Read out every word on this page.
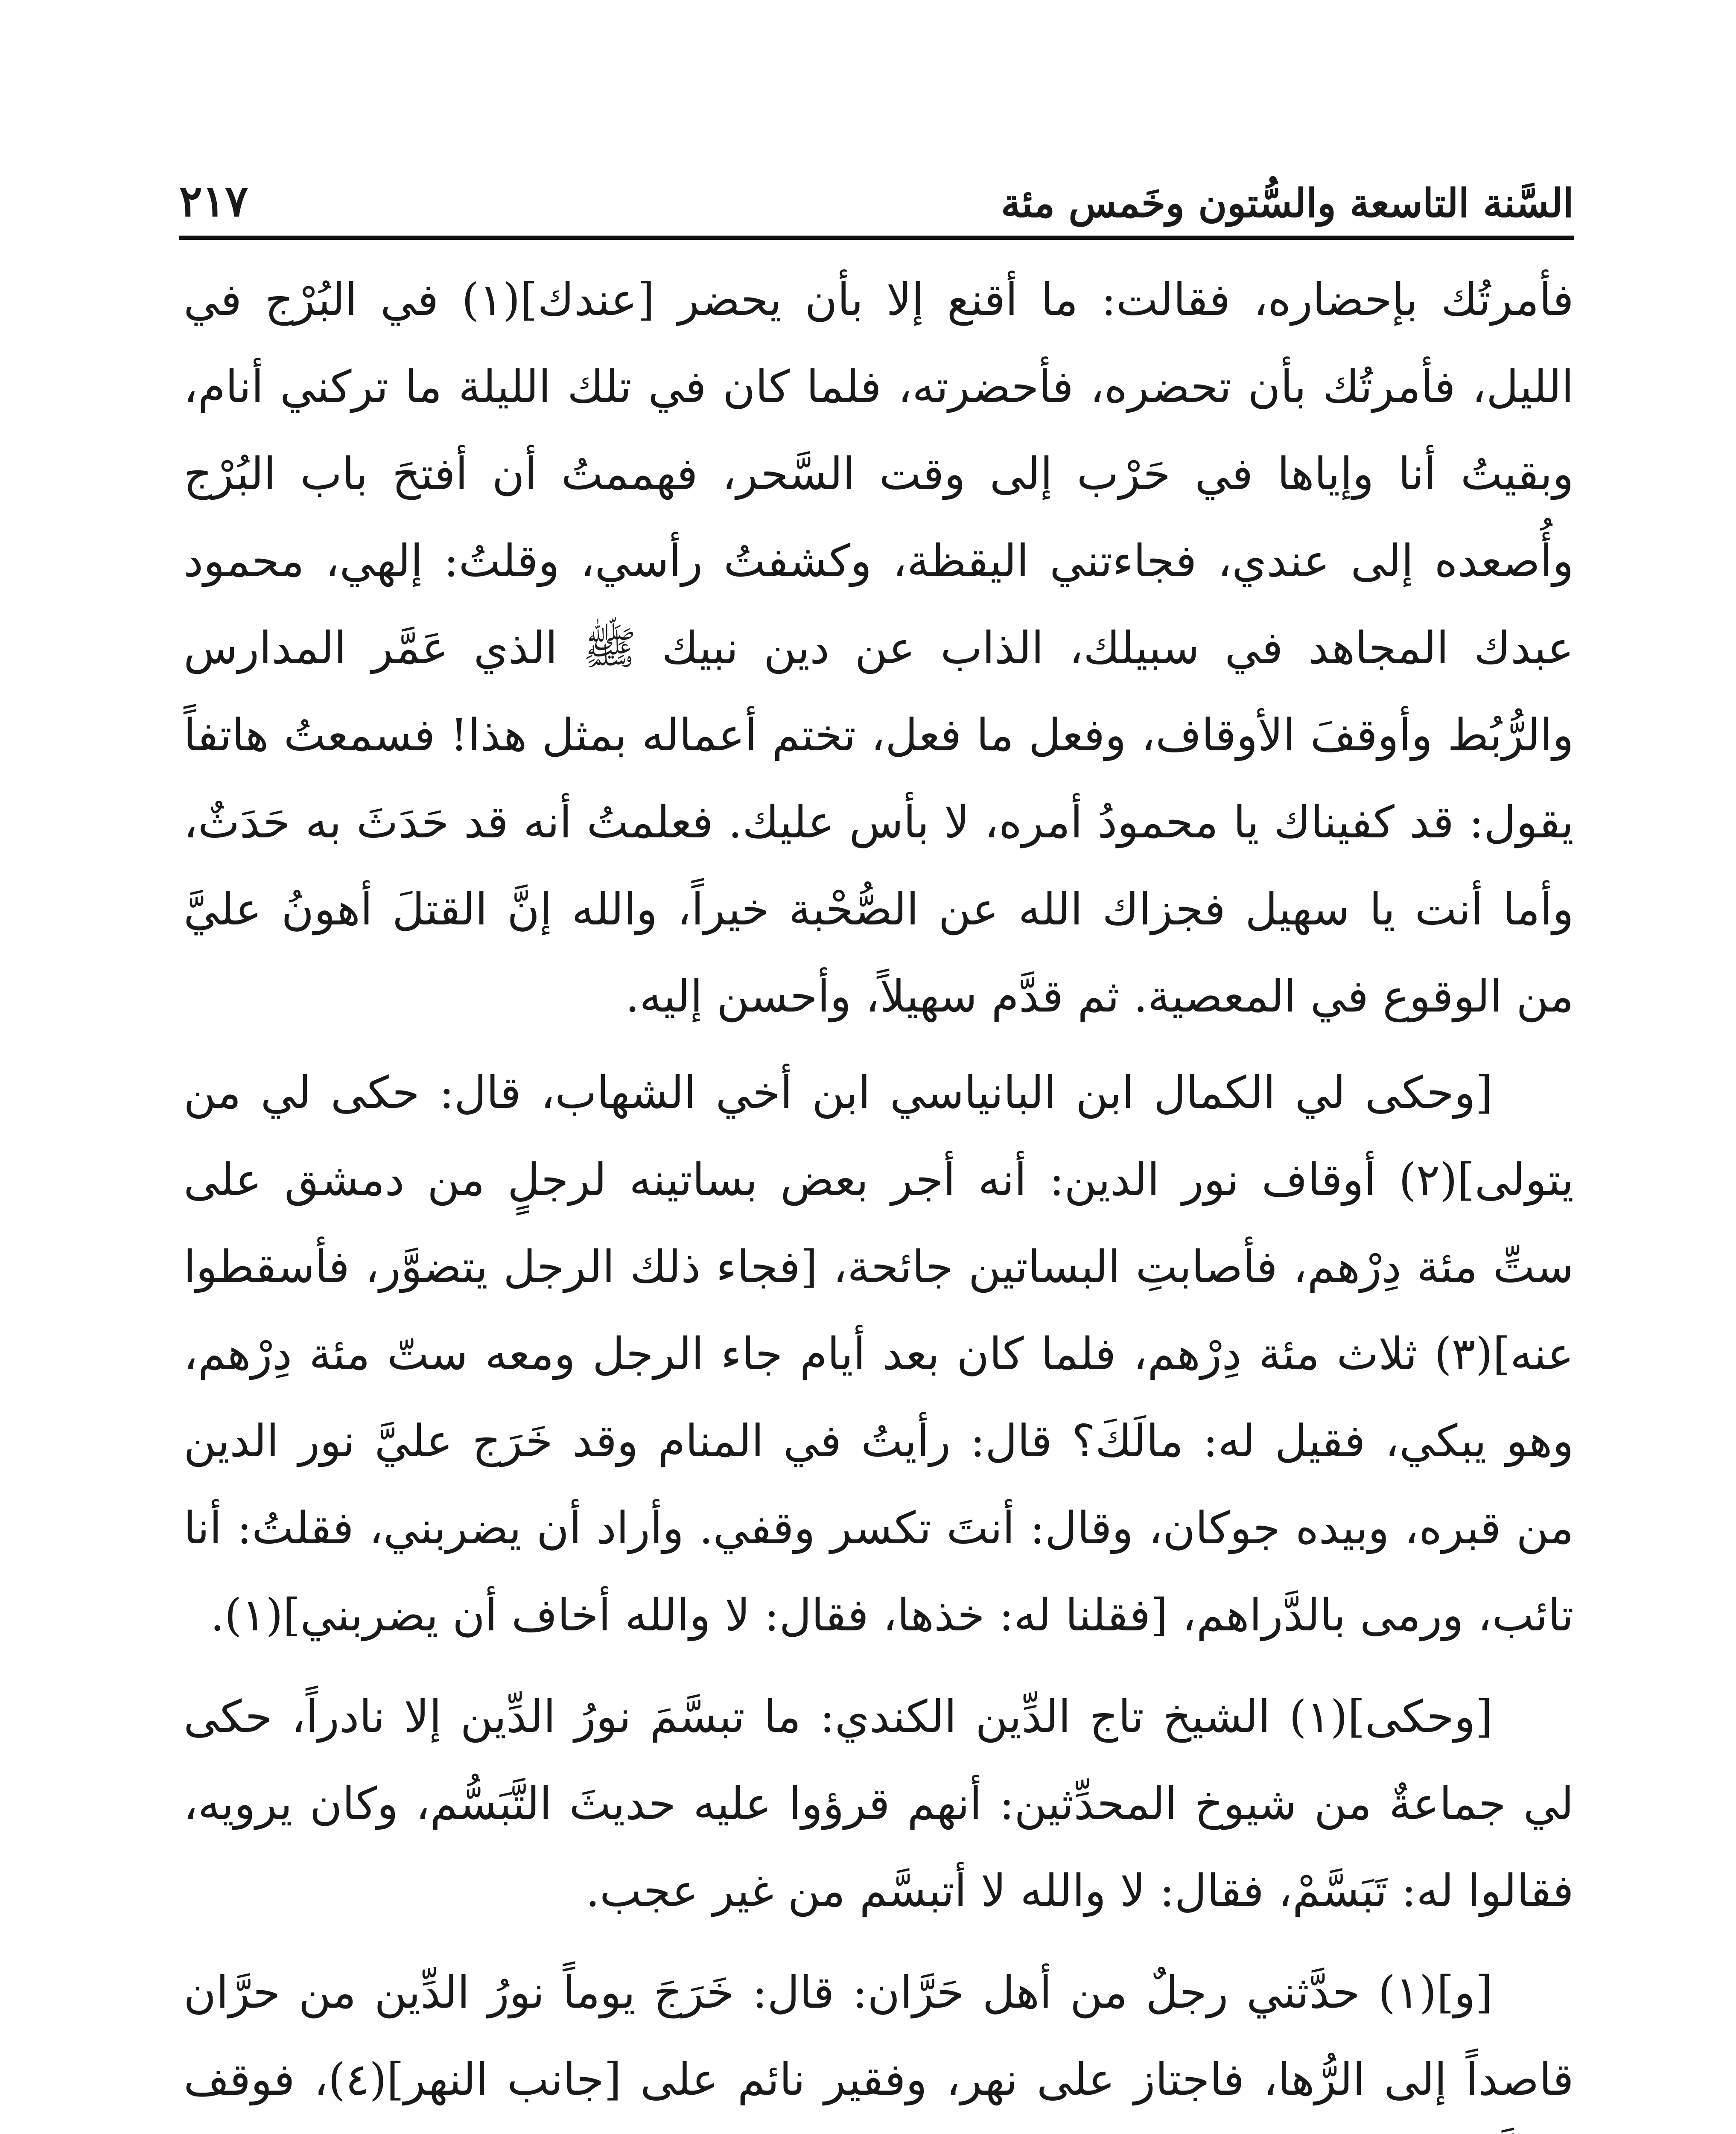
السَّنة التاسعة والسُّتون وخَمس مئة
٢١٧

فأمرتُك بإحضاره، فقالت: ما أقنع إلا بأن يحضر [عندك](١) في البُرْج في الليل، فأمرتُك بأن تحضره، فأحضرته، فلما كان في تلك الليلة ما تركني أنام، وبقيتُ أنا وإياها في حَرْب إلى وقت السَّحر، فهممتُ أن أفتحَ باب البُرْج وأُصعده إلى عندي، فجاءتني اليقظة، وكشفتُ رأسي، وقلتُ: إلهي، محمود عبدك المجاهد في سبيلك، الذاب عن دين نبيك ﷺ الذي عَمَّر المدارس والرُّبُط وأوقفَ الأوقاف، وفعل ما فعل، تختم أعماله بمثل هذا! فسمعتُ هاتفاً يقول: قد كفيناك يا محمودُ أمره، لا بأس عليك. فعلمتُ أنه قد حَدَثَ به حَدَثٌ، وأما أنت يا سهيل فجزاك الله عن الصُّحْبة خيراً، والله إنَّ القتلَ أهونُ عليَّ من الوقوع في المعصية. ثم قدَّم سهيلاً، وأحسن إليه.

[وحكى لي الكمال ابن البانياسي ابن أخي الشهاب، قال: حكى لي من يتولى](٢) أوقاف نور الدين: أنه أجر بعض بساتينه لرجلٍ من دمشق على ستِّ مئة دِرْهم، فأصابتِ البساتين جائحة، [فجاء ذلك الرجل يتضوَّر، فأسقطوا عنه](٣) ثلاث مئة دِرْهم، فلما كان بعد أيام جاء الرجل ومعه ستّ مئة دِرْهم، وهو يبكي، فقيل له: مالَكَ؟ قال: رأيتُ في المنام وقد خَرَج عليَّ نور الدين من قبره، وبيده جوكان، وقال: أنتَ تكسر وقفي. وأراد أن يضربني، فقلتُ: أنا تائب، ورمى بالدَّراهم، [فقلنا له: خذها، فقال: لا والله أخاف أن يضربني](١).

[وحكى](١) الشيخ تاج الدِّين الكندي: ما تبسَّمَ نورُ الدِّين إلا نادراً، حكى لي جماعةٌ من شيوخ المحدِّثين: أنهم قرؤوا عليه حديثَ التَّبَسُّم، وكان يرويه، فقالوا له: تَبَسَّمْ، فقال: لا والله لا أتبسَّم من غير عجب.

[و](١) حدَّثني رجلٌ من أهل حَرَّان: قال: خَرَجَ يوماً نورُ الدِّين من حرَّان قاصداً إلى الرُّها، فاجتاز على نهر، وفقير نائم على [جانب النهر](٤)، فوقف
